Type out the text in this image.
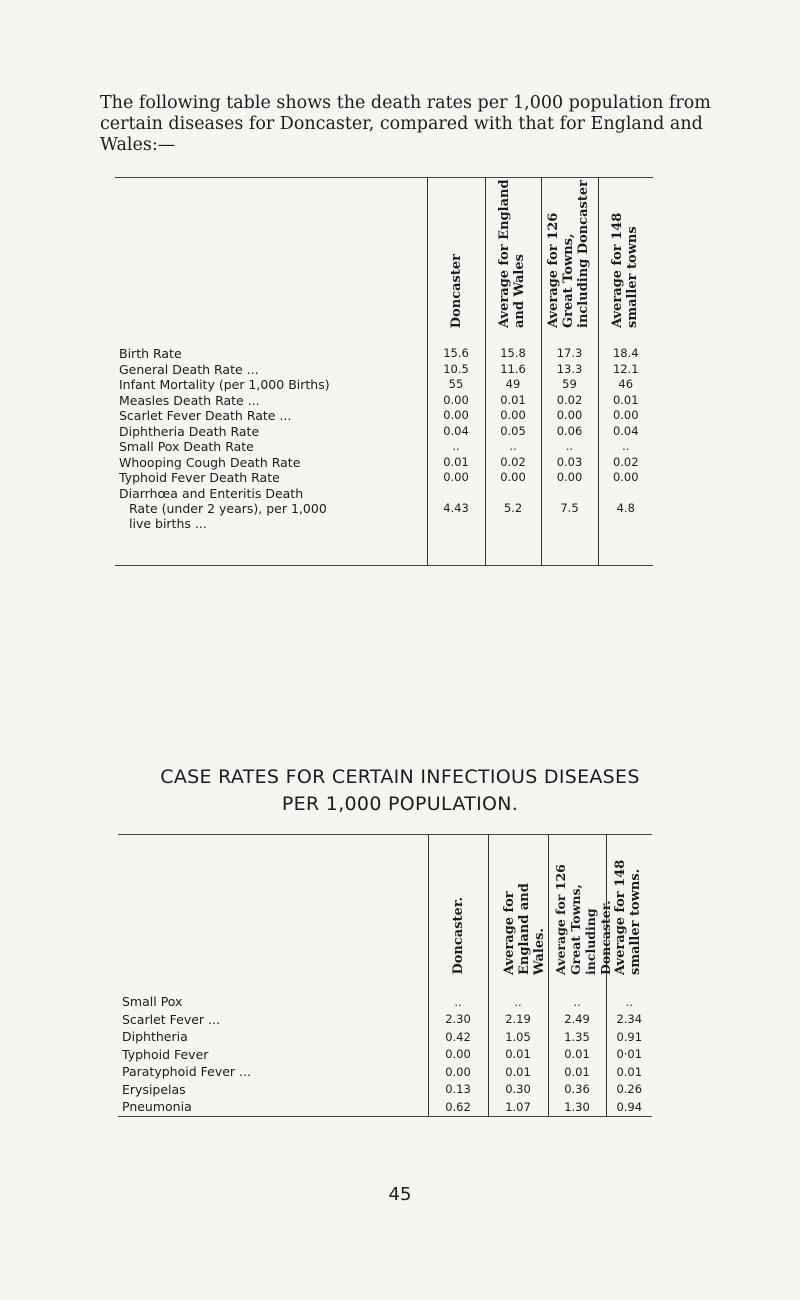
The following table shows the death rates per 1,000 population from certain diseases for Doncaster, compared with that for England and Wales:—

	Doncaster	Average for England and Wales	Average for 126 Great Towns, including Doncaster	Average for 148 smaller towns

Birth Rate	15.6	15.8	17.3	18.4
General Death Rate ...	10.5	11.6	13.3	12.1
Infant Mortality (per 1,000 Births)	55	49	59	46
Measles Death Rate ...	0.00	0.01	0.02	0.01
Scarlet Fever Death Rate ...	0.00	0.00	0.00	0.00
Diphtheria Death Rate	0.04	0.05	0.06	0.04
Small Pox Death Rate	..	..	..	..
Whooping Cough Death Rate	0.01	0.02	0.03	0.02
Typhoid Fever Death Rate	0.00	0.00	0.00	0.00
Diarrhœa and Enteritis Death				
Rate (under 2 years), per 1,000	4.43	5.2	7.5	4.8
live births ...				

CASE RATES FOR CERTAIN INFECTIOUS DISEASES
PER 1,000 POPULATION.

	Doncaster.	Average for England and Wales.	Average for 126 Great Towns, including Doncaster.	Average for 148 smaller towns.

Small Pox	..	..	..	..
Scarlet Fever ...	2.30	2.19	2.49	2.34
Diphtheria	0.42	1.05	1.35	0.91
Typhoid Fever	0.00	0.01	0.01	0·01
Paratyphoid Fever ...	0.00	0.01	0.01	0.01
Erysipelas	0.13	0.30	0.36	0.26
Pneumonia	0.62	1.07	1.30	0.94
45
